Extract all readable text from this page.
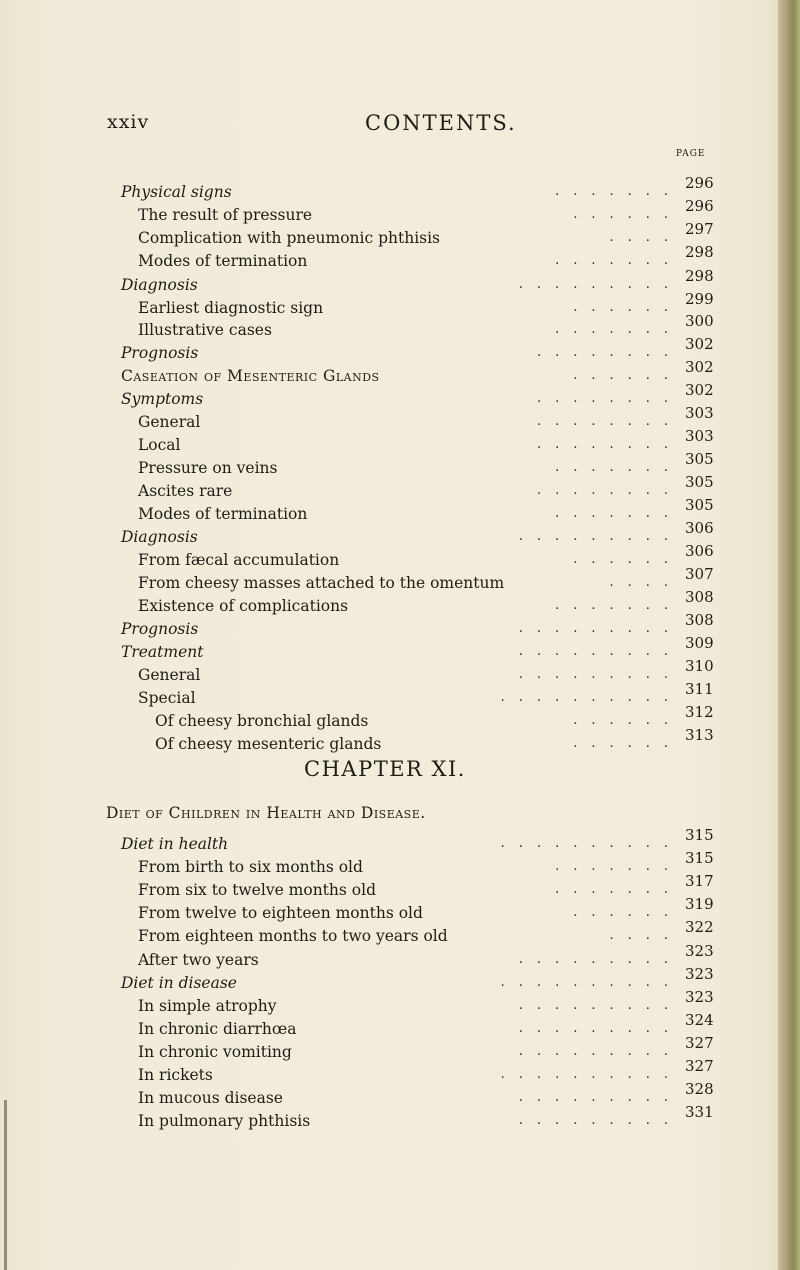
xxiv	CONTENTS.
PAGE
Physical signs	....... 296
The result of pressure	...... 296
Complication with pneumonic phthisis	.... 297
Modes of termination	....... 298
Diagnosis	......... 298
Earliest diagnostic sign	...... 299
Illustrative cases	....... 300
Prognosis	........ 302
Caseation of Mesenteric Glands	...... 302
Symptoms	........ 302
General	........ 303
Local	........ 303
Pressure on veins	....... 305
Ascites rare	........ 305
Modes of termination	....... 305
Diagnosis	......... 306
From fæcal accumulation	...... 306
From cheesy masses attached to the omentum	.... 307
Existence of complications	....... 308
Prognosis	......... 308
Treatment	......... 309
General	......... 310
Special	.......... 311
Of cheesy bronchial glands	...... 312
Of cheesy mesenteric glands	...... 313
CHAPTER XI.
Diet of Children in Health and Disease.
Diet in health	.......... 315
From birth to six months old	....... 315
From six to twelve months old	....... 317
From twelve to eighteen months old	...... 319
From eighteen months to two years old	.... 322
After two years	......... 323
Diet in disease	.......... 323
In simple atrophy	......... 323
In chronic diarrhœa	......... 324
In chronic vomiting	......... 327
In rickets	.......... 327
In mucous disease	......... 328
In pulmonary phthisis	......... 331
